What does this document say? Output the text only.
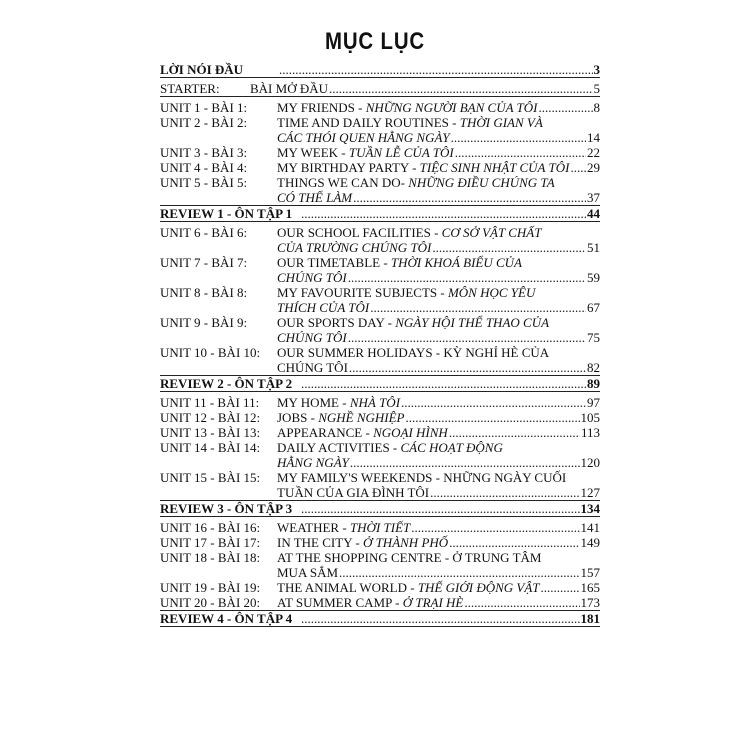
MỤC LỤC
LỜI NÓI ĐẦU .....	3
STARTER: BÀI MỞ ĐẦU .....	5
UNIT 1 - BÀI 1: MY FRIENDS - NHỮNG NGƯỜI BẠN CỦA TÔI .....	8
UNIT 2 - BÀI 2: TIME AND DAILY ROUTINES - THỜI GIAN VÀ
CÁC THÓI QUEN HẰNG NGÀY .....	14
UNIT 3 - BÀI 3: MY WEEK - TUẦN LỄ CỦA TÔI .....	22
UNIT 4 - BÀI 4: MY BIRTHDAY PARTY - TIỆC SINH NHẬT CỦA TÔI ..... 29
UNIT 5 - BÀI 5: THINGS WE CAN DO- NHỮNG ĐIỀU CHÚNG TA
CÓ THỂ LÀM .....	37
REVIEW 1 - ÔN TẬP 1 .....	44
UNIT 6 - BÀI 6: OUR SCHOOL FACILITIES - CƠ SỞ VẬT CHẤT
CỦA TRƯỜNG CHÚNG TÔI .....	51
UNIT 7 - BÀI 7: OUR TIMETABLE - THỜI KHOÁ BIỂU CỦA
CHÚNG TÔI .....	59
UNIT 8 - BÀI 8: MY FAVOURITE SUBJECTS - MÔN HỌC YÊU
THÍCH CỦA TÔI .....	67
UNIT 9 - BÀI 9: OUR SPORTS DAY - NGÀY HỘI THỂ THAO CỦA
CHÚNG TÔI .....	75
UNIT 10 - BÀI 10: OUR SUMMER HOLIDAYS - KỲ NGHỈ HÈ CỦA
CHÚNG TÔI .....	82
REVIEW 2 - ÔN TẬP 2 .....	89
UNIT 11 - BÀI 11: MY HOME - NHÀ TÔI .....	97
UNIT 12 - BÀI 12: JOBS - NGHỀ NGHIỆP .....	105
UNIT 13 - BÀI 13: APPEARANCE - NGOẠI HÌNH .....	113
UNIT 14 - BÀI 14: DAILY ACTIVITIES - CÁC HOẠT ĐỘNG
HẰNG NGÀY .....	120
UNIT 15 - BÀI 15: MY FAMILY'S WEEKENDS - NHỮNG NGÀY CUỐI
TUẦN CỦA GIA ĐÌNH TÔI .....	127
REVIEW 3 - ÔN TẬP 3 .....	134
UNIT 16 - BÀI 16: WEATHER - THỜI TIẾT .....	141
UNIT 17 - BÀI 17: IN THE CITY - Ở THÀNH PHỐ .....	149
UNIT 18 - BÀI 18: AT THE SHOPPING CENTRE - Ở TRUNG TÂM
MUA SẮM .....	157
UNIT 19 - BÀI 19: THE ANIMAL WORLD - THẾ GIỚI ĐỘNG VẬT .....	165
UNIT 20 - BÀI 20: AT SUMMER CAMP - Ở TRẠI HÈ .....	173
REVIEW 4 - ÔN TẬP 4 .....	181
